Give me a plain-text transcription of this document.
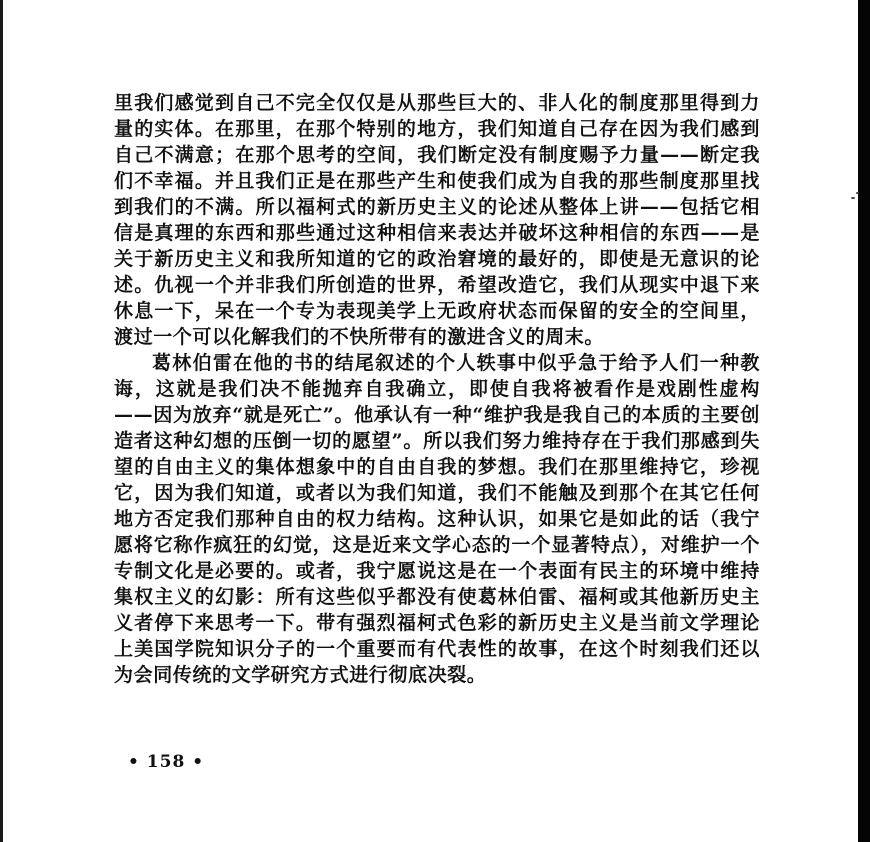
里我们感觉到自己不完全仅仅是从那些巨大的、非人化的制度那里得到力量的实体。在那里，在那个特别的地方，我们知道自己存在因为我们感到自己不满意；在那个思考的空间，我们断定没有制度赐予力量——断定我们不幸福。并且我们正是在那些产生和使我们成为自我的那些制度那里找到我们的不满。所以福柯式的新历史主义的论述从整体上讲——包括它相信是真理的东西和那些通过这种相信来表达并破坏这种相信的东西——是关于新历史主义和我所知道的它的政治窘境的最好的，即使是无意识的论述。仇视一个并非我们所创造的世界，希望改造它，我们从现实中退下来休息一下，呆在一个专为表现美学上无政府状态而保留的安全的空间里，渡过一个可以化解我们的不快所带有的激进含义的周末。

葛林伯雷在他的书的结尾叙述的个人轶事中似乎急于给予人们一种教诲，这就是我们决不能抛弃自我确立，即使自我将被看作是戏剧性虚构——因为放弃“就是死亡”。他承认有一种“维护我是我自己的本质的主要创造者这种幻想的压倒一切的愿望”。所以我们努力维持存在于我们那感到失望的自由主义的集体想象中的自由自我的梦想。我们在那里维持它，珍视它，因为我们知道，或者以为我们知道，我们不能触及到那个在其它任何地方否定我们那种自由的权力结构。这种认识，如果它是如此的话（我宁愿将它称作疯狂的幻觉，这是近来文学心态的一个显著特点），对维护一个专制文化是必要的。或者，我宁愿说这是在一个表面有民主的环境中维持集权主义的幻影：所有这些似乎都没有使葛林伯雷、福柯或其他新历史主义者停下来思考一下。带有强烈福柯式色彩的新历史主义是当前文学理论上美国学院知识分子的一个重要而有代表性的故事，在这个时刻我们还以为会同传统的文学研究方式进行彻底决裂。

• 158 •
